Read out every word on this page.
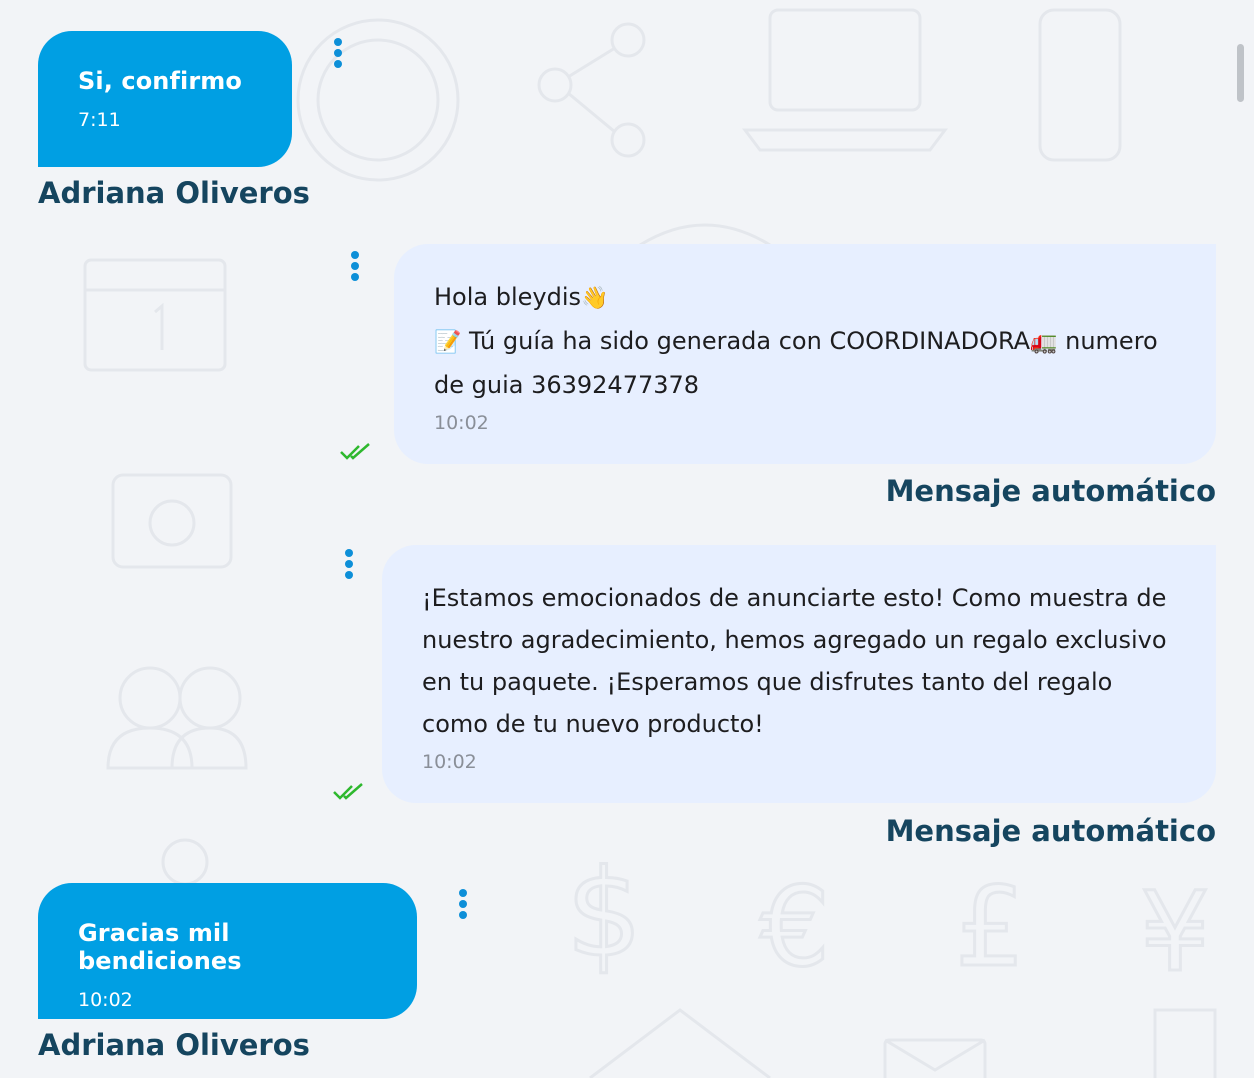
$ € £ ¥
Si, confirmo
7:11
Adriana Oliveros
Hola bleydis👋
📝 Tú guía ha sido generada con COORDINADORA🚛 numero de guia 36392477378
10:02
Mensaje automático
¡Estamos emocionados de anunciarte esto! Como muestra de nuestro agradecimiento, hemos agregado un regalo exclusivo en tu paquete. ¡Esperamos que disfrutes tanto del regalo como de tu nuevo producto!
10:02
Mensaje automático
Gracias mil bendiciones
10:02
Adriana Oliveros
